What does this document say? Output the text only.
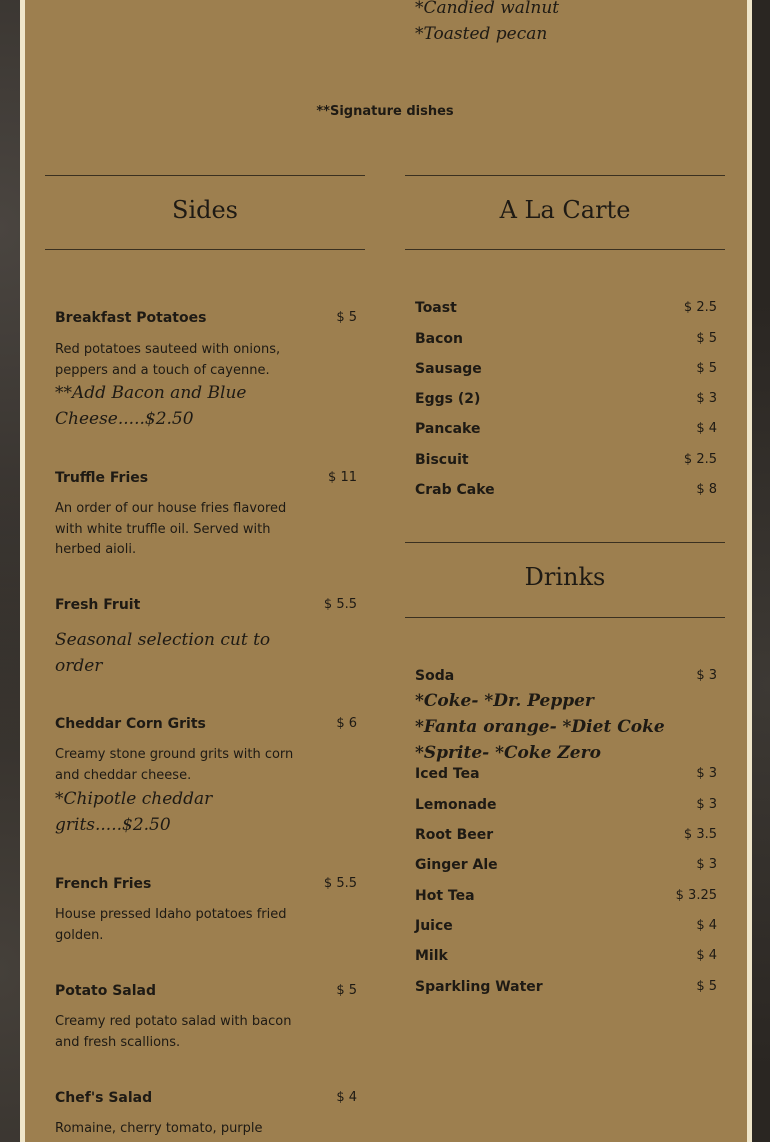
*Candied walnut
*Toasted pecan
**Signature dishes
Sides	A La Carte
Breakfast Potatoes	$ 5
Red potatoes sauteed with onions, peppers and a touch of cayenne.
**Add Bacon and Blue Cheese.....$2.50
Truffle Fries	$ 11
An order of our house fries flavored with white truffle oil. Served with herbed aioli.
Fresh Fruit	$ 5.5
Seasonal selection cut to order
Cheddar Corn Grits	$ 6
Creamy stone ground grits with corn and cheddar cheese.
*Chipotle cheddar grits.....$2.50
French Fries	$ 5.5
House pressed Idaho potatoes fried golden.
Potato Salad	$ 5
Creamy red potato salad with bacon and fresh scallions.
Chef's Salad	$ 4
Romaine, cherry tomato, purple
Toast	$ 2.5
Bacon	$ 5
Sausage	$ 5
Eggs (2)	$ 3
Pancake	$ 4
Biscuit	$ 2.5
Crab Cake	$ 8
Drinks
Soda	$ 3
*Coke- *Dr. Pepper
*Fanta orange- *Diet Coke
*Sprite- *Coke Zero
Iced Tea	$ 3
Lemonade	$ 3
Root Beer	$ 3.5
Ginger Ale	$ 3
Hot Tea	$ 3.25
Juice	$ 4
Milk	$ 4
Sparkling Water	$ 5
